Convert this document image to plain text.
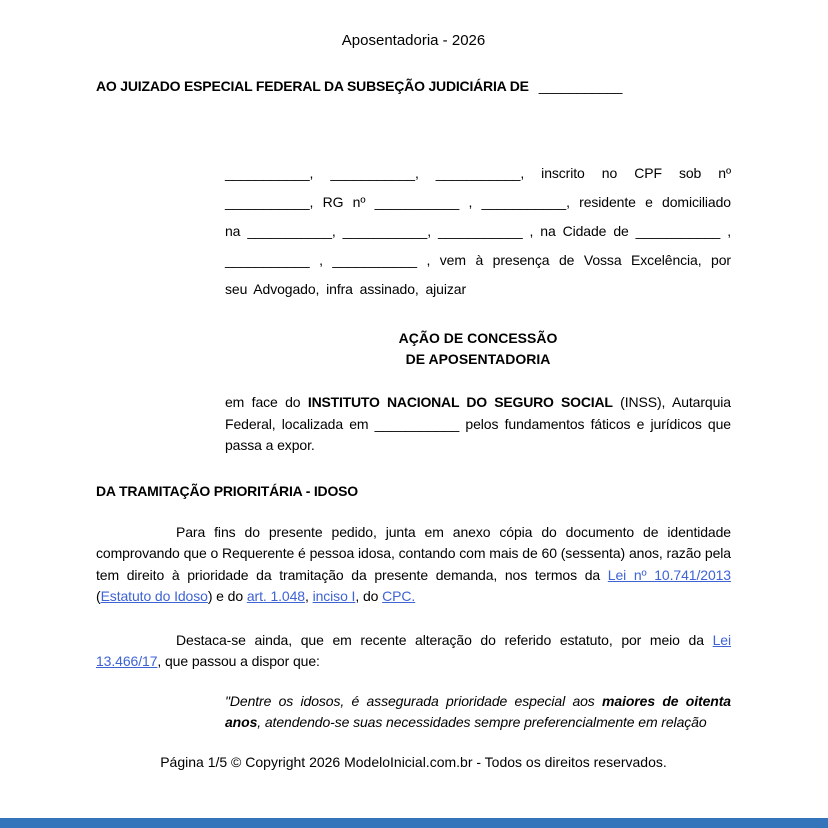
Aposentadoria - 2026

AO JUIZADO ESPECIAL FEDERAL DA SUBSEÇÃO JUDICIÁRIA DE ___________

___________, ___________, ___________, inscrito no CPF sob nº ___________, RG nº ___________ , ___________, residente e domiciliado na ___________, ___________, ___________ , na Cidade de ___________ , ___________ , ___________ , vem à presença de Vossa Excelência, por seu Advogado, infra assinado, ajuizar

AÇÃO DE CONCESSÃO
DE APOSENTADORIA

em face do INSTITUTO NACIONAL DO SEGURO SOCIAL (INSS), Autarquia Federal, localizada em ___________ pelos fundamentos fáticos e jurídicos que passa a expor.

DA TRAMITAÇÃO PRIORITÁRIA - IDOSO

Para fins do presente pedido, junta em anexo cópia do documento de identidade comprovando que o Requerente é pessoa idosa, contando com mais de 60 (sessenta) anos, razão pela tem direito à prioridade da tramitação da presente demanda, nos termos da Lei nº 10.741/2013 (Estatuto do Idoso) e do art. 1.048, inciso I, do CPC.

Destaca-se ainda, que em recente alteração do referido estatuto, por meio da Lei 13.466/17, que passou a dispor que:

"Dentre os idosos, é assegurada prioridade especial aos maiores de oitenta anos, atendendo-se suas necessidades sempre preferencialmente em relação

Página 1/5 © Copyright 2026 ModeloInicial.com.br - Todos os direitos reservados.
